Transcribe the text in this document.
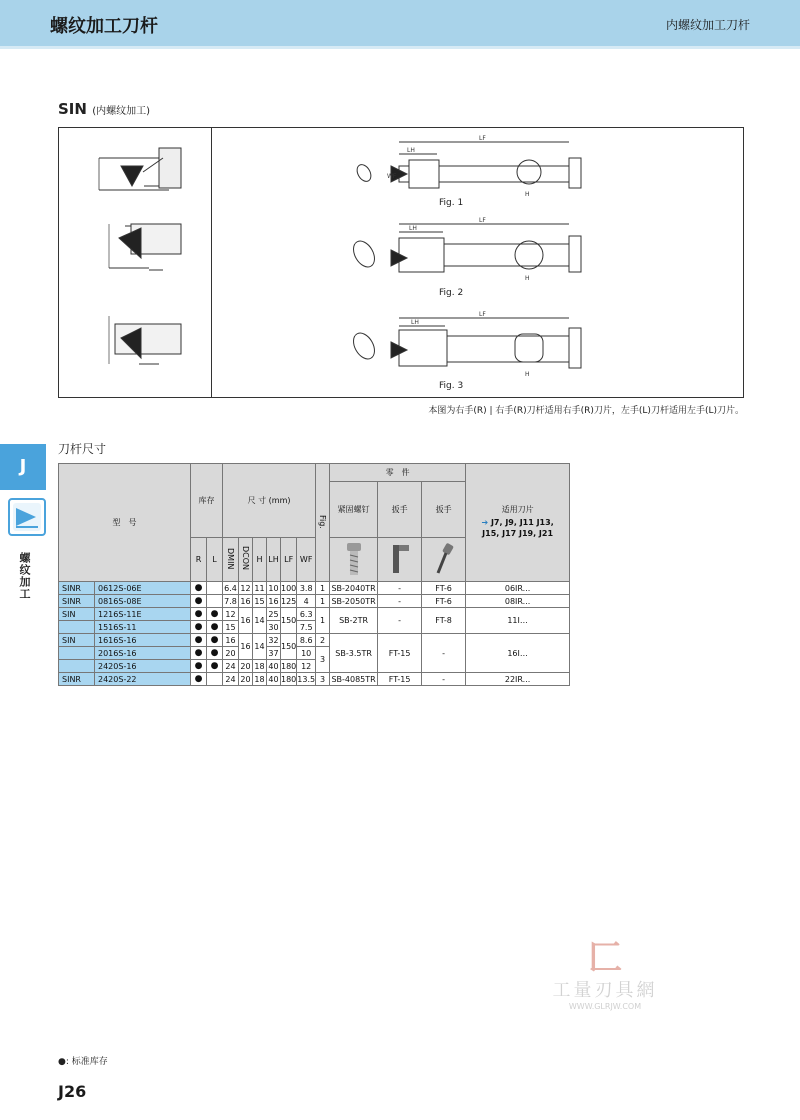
螺纹加工刀杆	内螺纹加工刀杆
J
螺纹加工
SIN (内螺纹加工)
LF
LH
H
WF
LF
LH
H
LF
LH
H
Fig. 1
Fig. 2
Fig. 3
本图为右手(R) | 右手(R)刀杆适用右手(R)刀片，左手(L)刀杆适用左手(L)刀片。
刀杆尺寸
型　号		库存		尺 寸 (mm)						Fig.	零　件			适用刀片
➔ J7, J9, J11 J13, J15, J17 J19, J21

											紧固螺钉	扳手	扳手	
		R	L	DMIN	DCON	H	LH	LF	WF			
SINR	0612S-06E	●		6.4	12	11	10	100	3.8	1	SB-2040TR	-	FT-6	06IR...
SINR	0816S-08E	●		7.8	16	15	16	125	4	1	SB-2050TR	-	FT-6	08IR...
SIN	1216S-11E	●	●	12	16	14	25	150	6.3	1	SB-2TR	-	FT-8	11I…
	1516S-11	●	●	15			30		7.5					
SIN	1616S-16	●	●	16	16	14	32	150	8.6	2	SB-3.5TR	FT-15	-	16I…
	2016S-16	●	●	20			37		10	3				
	2420S-16	●	●	24	20	18	40	180	12					
SINR	2420S-22	●		24	20	18	40	180	13.5	3	SB-4085TR	FT-15	-	22IR...
匚
工量刃具網
WWW.GLRJW.COM
●: 标准库存
J26
